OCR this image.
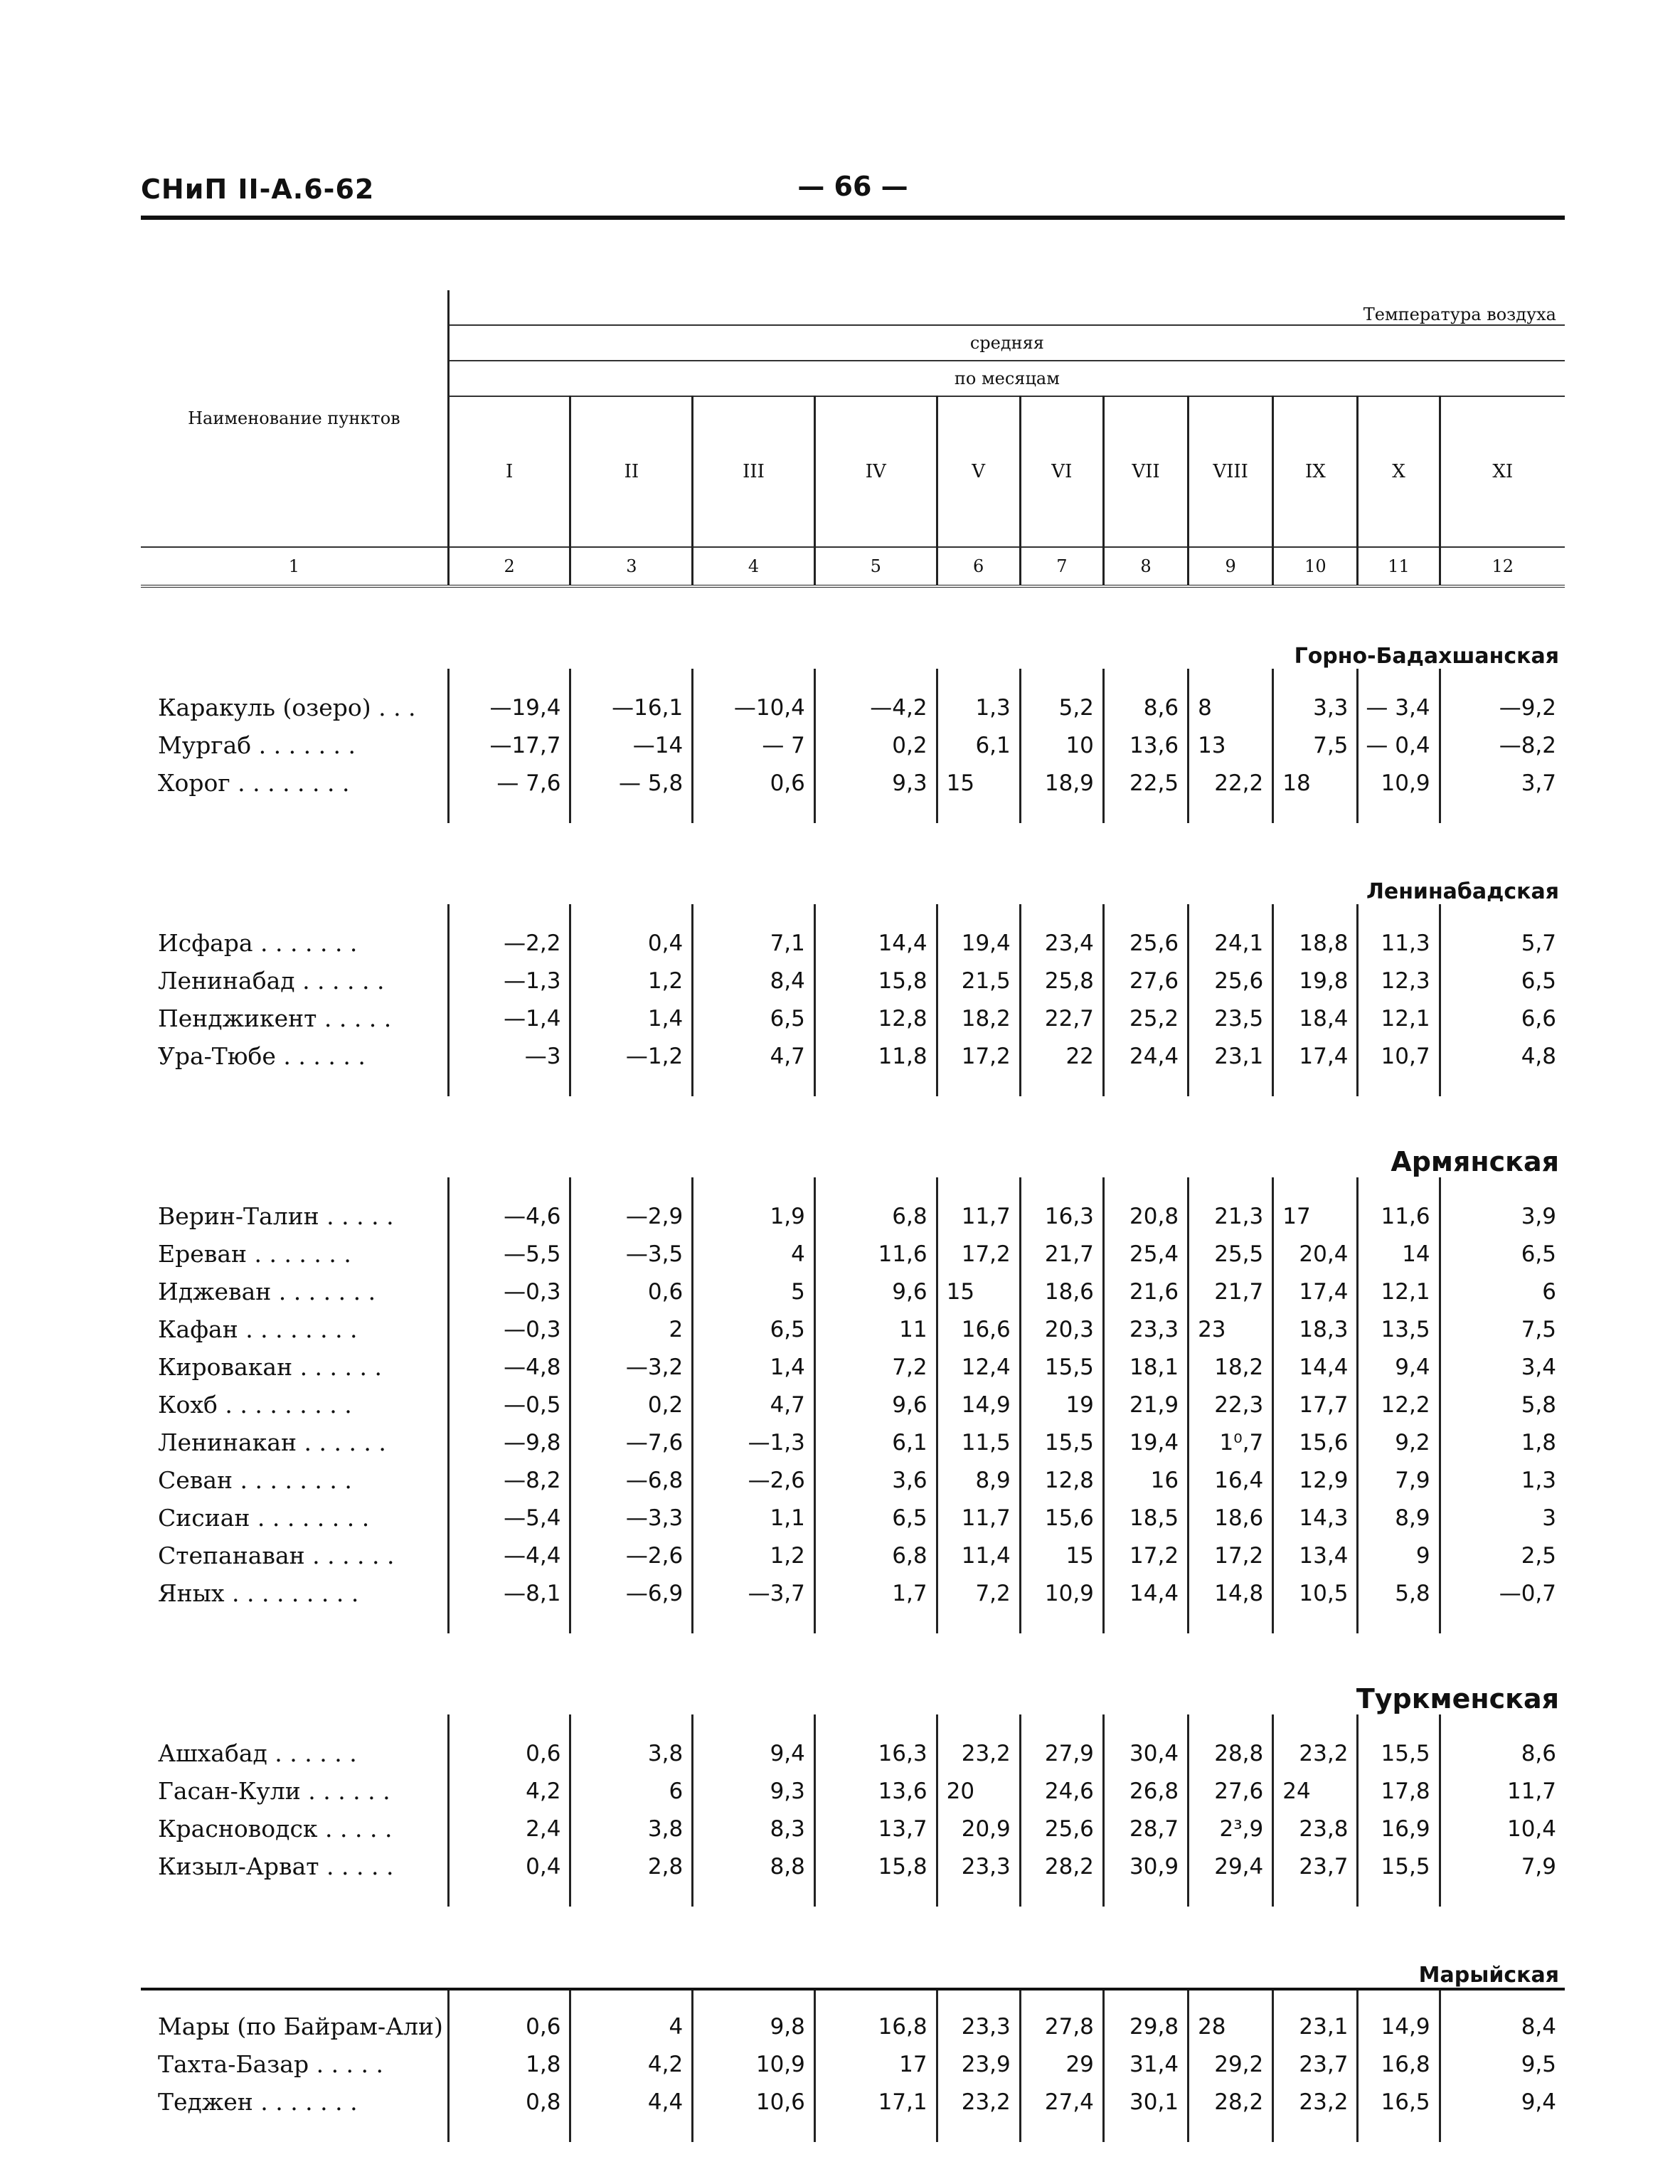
СНиП II-А.6-62	— 66 —
Наименование пунктов	Температура воздуха										
	средняя										
	по месяцам										
	I	II	III	IV	V	VI	VII	VIII	IX	X	XI
1	2	3	4	5	6	7	8	9	10	11	12
Горно-Бадахшанская											

Каракуль (озеро) . . .	—19,4	—16,1	—10,4	—4,2	1,3	5,2	8,6	8	3,3	— 3,4	—9,2
Мургаб . . . . . . .	—17,7	—14	— 7	0,2	6,1	10	13,6	13	7,5	— 0,4	—8,2
Хорог . . . . . . . .	— 7,6	— 5,8	0,6	9,3	15	18,9	22,5	22,2	18	10,9	3,7

Ленинабадская											

Исфара . . . . . . .	—2,2	0,4	7,1	14,4	19,4	23,4	25,6	24,1	18,8	11,3	5,7
Ленинабад . . . . . .	—1,3	1,2	8,4	15,8	21,5	25,8	27,6	25,6	19,8	12,3	6,5
Пенджикент . . . . .	—1,4	1,4	6,5	12,8	18,2	22,7	25,2	23,5	18,4	12,1	6,6
Ура-Тюбе . . . . . .	—3	—1,2	4,7	11,8	17,2	22	24,4	23,1	17,4	10,7	4,8

Армянская											

Верин-Талин . . . . .	—4,6	—2,9	1,9	6,8	11,7	16,3	20,8	21,3	17	11,6	3,9
Ереван . . . . . . .	—5,5	—3,5	4	11,6	17,2	21,7	25,4	25,5	20,4	14	6,5
Иджеван . . . . . . .	—0,3	0,6	5	9,6	15	18,6	21,6	21,7	17,4	12,1	6
Кафан . . . . . . . .	—0,3	2	6,5	11	16,6	20,3	23,3	23	18,3	13,5	7,5
Кировакан . . . . . .	—4,8	—3,2	1,4	7,2	12,4	15,5	18,1	18,2	14,4	9,4	3,4
Кохб . . . . . . . . .	—0,5	0,2	4,7	9,6	14,9	19	21,9	22,3	17,7	12,2	5,8
Ленинакан . . . . . .	—9,8	—7,6	—1,3	6,1	11,5	15,5	19,4	1⁰,7	15,6	9,2	1,8
Севан . . . . . . . .	—8,2	—6,8	—2,6	3,6	8,9	12,8	16	16,4	12,9	7,9	1,3
Сисиан . . . . . . . .	—5,4	—3,3	1,1	6,5	11,7	15,6	18,5	18,6	14,3	8,9	3
Степанаван . . . . . .	—4,4	—2,6	1,2	6,8	11,4	15	17,2	17,2	13,4	9	2,5
Яных . . . . . . . . .	—8,1	—6,9	—3,7	1,7	7,2	10,9	14,4	14,8	10,5	5,8	—0,7

Туркменская											

Ашхабад . . . . . .	0,6	3,8	9,4	16,3	23,2	27,9	30,4	28,8	23,2	15,5	8,6
Гасан-Кули . . . . . .	4,2	6	9,3	13,6	20	24,6	26,8	27,6	24	17,8	11,7
Красноводск . . . . .	2,4	3,8	8,3	13,7	20,9	25,6	28,7	2³,9	23,8	16,9	10,4
Кизыл-Арват . . . . .	0,4	2,8	8,8	15,8	23,3	28,2	30,9	29,4	23,7	15,5	7,9

Марыйская											

Мары (по Байрам-Али)	0,6	4	9,8	16,8	23,3	27,8	29,8	28	23,1	14,9	8,4
Тахта-Базар . . . . .	1,8	4,2	10,9	17	23,9	29	31,4	29,2	23,7	16,8	9,5
Теджен . . . . . . .	0,8	4,4	10,6	17,1	23,2	27,4	30,1	28,2	23,2	16,5	9,4
